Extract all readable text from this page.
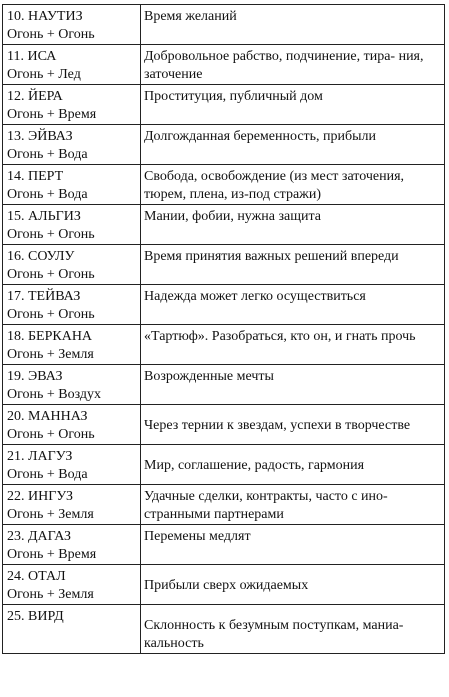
10. НАУТИЗ
Огонь + Огонь	Время желаний

11. ИСА
Огонь + Лед	Добровольное рабство, подчинение, тира- ния, заточение

12. ЙЕРА
Огонь + Время	Проституция, публичный дом

13. ЭЙВАЗ
Огонь + Вода	Долгожданная беременность, прибыли

14. ПЕРТ
Огонь + Вода	Свобода, освобождение (из мест заточения, тюрем, плена, из-под стражи)

15. АЛЬГИЗ
Огонь + Огонь	Мании, фобии, нужна защита

16. СОУЛУ
Огонь + Огонь	Время принятия важных решений впереди

17. ТЕЙВАЗ
Огонь + Огонь	Надежда может легко осуществиться

18. БЕРКАНА
Огонь + Земля	«Тартюф». Разобраться, кто он, и гнать прочь

19. ЭВАЗ
Огонь + Воздух	Возрожденные мечты

20. МАННАЗ
Огонь + Огонь	Через тернии к звездам, успехи в творчестве

21. ЛАГУЗ
Огонь + Вода	Мир, соглашение, радость, гармония

22. ИНГУЗ
Огонь + Земля	Удачные сделки, контракты, часто с ино- странными партнерами

23. ДАГАЗ
Огонь + Время	Перемены медлят

24. ОТАЛ
Огонь + Земля	Прибыли сверх ожидаемых

25. ВИРД	Склонность к безумным поступкам, маниа- кальность
